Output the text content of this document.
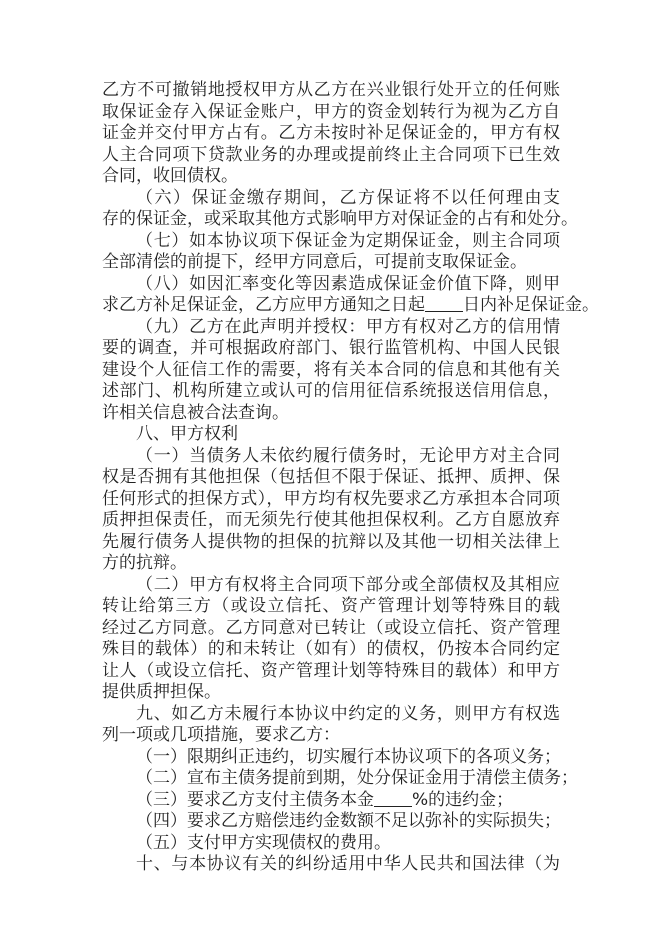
乙方不可撤销地授权甲方从乙方在兴业银行处开立的任何账
取保证金存入保证金账户，甲方的资金划转行为视为乙方自
证金并交付甲方占有。乙方未按时补足保证金的，甲方有权
人主合同项下贷款业务的办理或提前终止主合同项下已生效
合同，收回债权。
（六）保证金缴存期间，乙方保证将不以任何理由支
存的保证金，或采取其他方式影响甲方对保证金的占有和处分。
（七）如本协议项下保证金为定期保证金，则主合同项
全部清偿的前提下，经甲方同意后，可提前支取保证金。
（八）如因汇率变化等因素造成保证金价值下降，则甲
求乙方补足保证金，乙方应甲方通知之日起 日内补足保证金。
（九）乙方在此声明并授权：甲方有权对乙方的信用情
要的调查，并可根据政府部门、银行监管机构、中国人民银
建设个人征信工作的需要，将有关本合同的信息和其他有关
述部门、机构所建立或认可的信用征信系统报送信用信息，
许相关信息被合法查询。
八、甲方权利
（一）当债务人未依约履行债务时，无论甲方对主合同
权是否拥有其他担保（包括但不限于保证、抵押、质押、保
任何形式的担保方式），甲方均有权先要求乙方承担本合同项
质押担保责任，而无须先行使其他担保权利。乙方自愿放弃
先履行债务人提供物的担保的抗辩以及其他一切相关法律上
方的抗辩。
（二）甲方有权将主合同项下部分或全部债权及其相应
转让给第三方（或设立信托、资产管理计划等特殊目的载
经过乙方同意。乙方同意对已转让（或设立信托、资产管理
殊目的载体）的和未转让（如有）的债权，仍按本合同约定
让人（或设立信托、资产管理计划等特殊目的载体）和甲方
提供质押担保。
九、如乙方未履行本协议中约定的义务，则甲方有权选
列一项或几项措施，要求乙方：
（一）限期纠正违约，切实履行本协议项下的各项义务；
（二）宣布主债务提前到期，处分保证金用于清偿主债务；
（三）要求乙方支付主债务本金 %的违约金；
（四）要求乙方赔偿违约金数额不足以弥补的实际损失；
（五）支付甲方实现债权的费用。
十、与本协议有关的纠纷适用中华人民共和国法律（为
